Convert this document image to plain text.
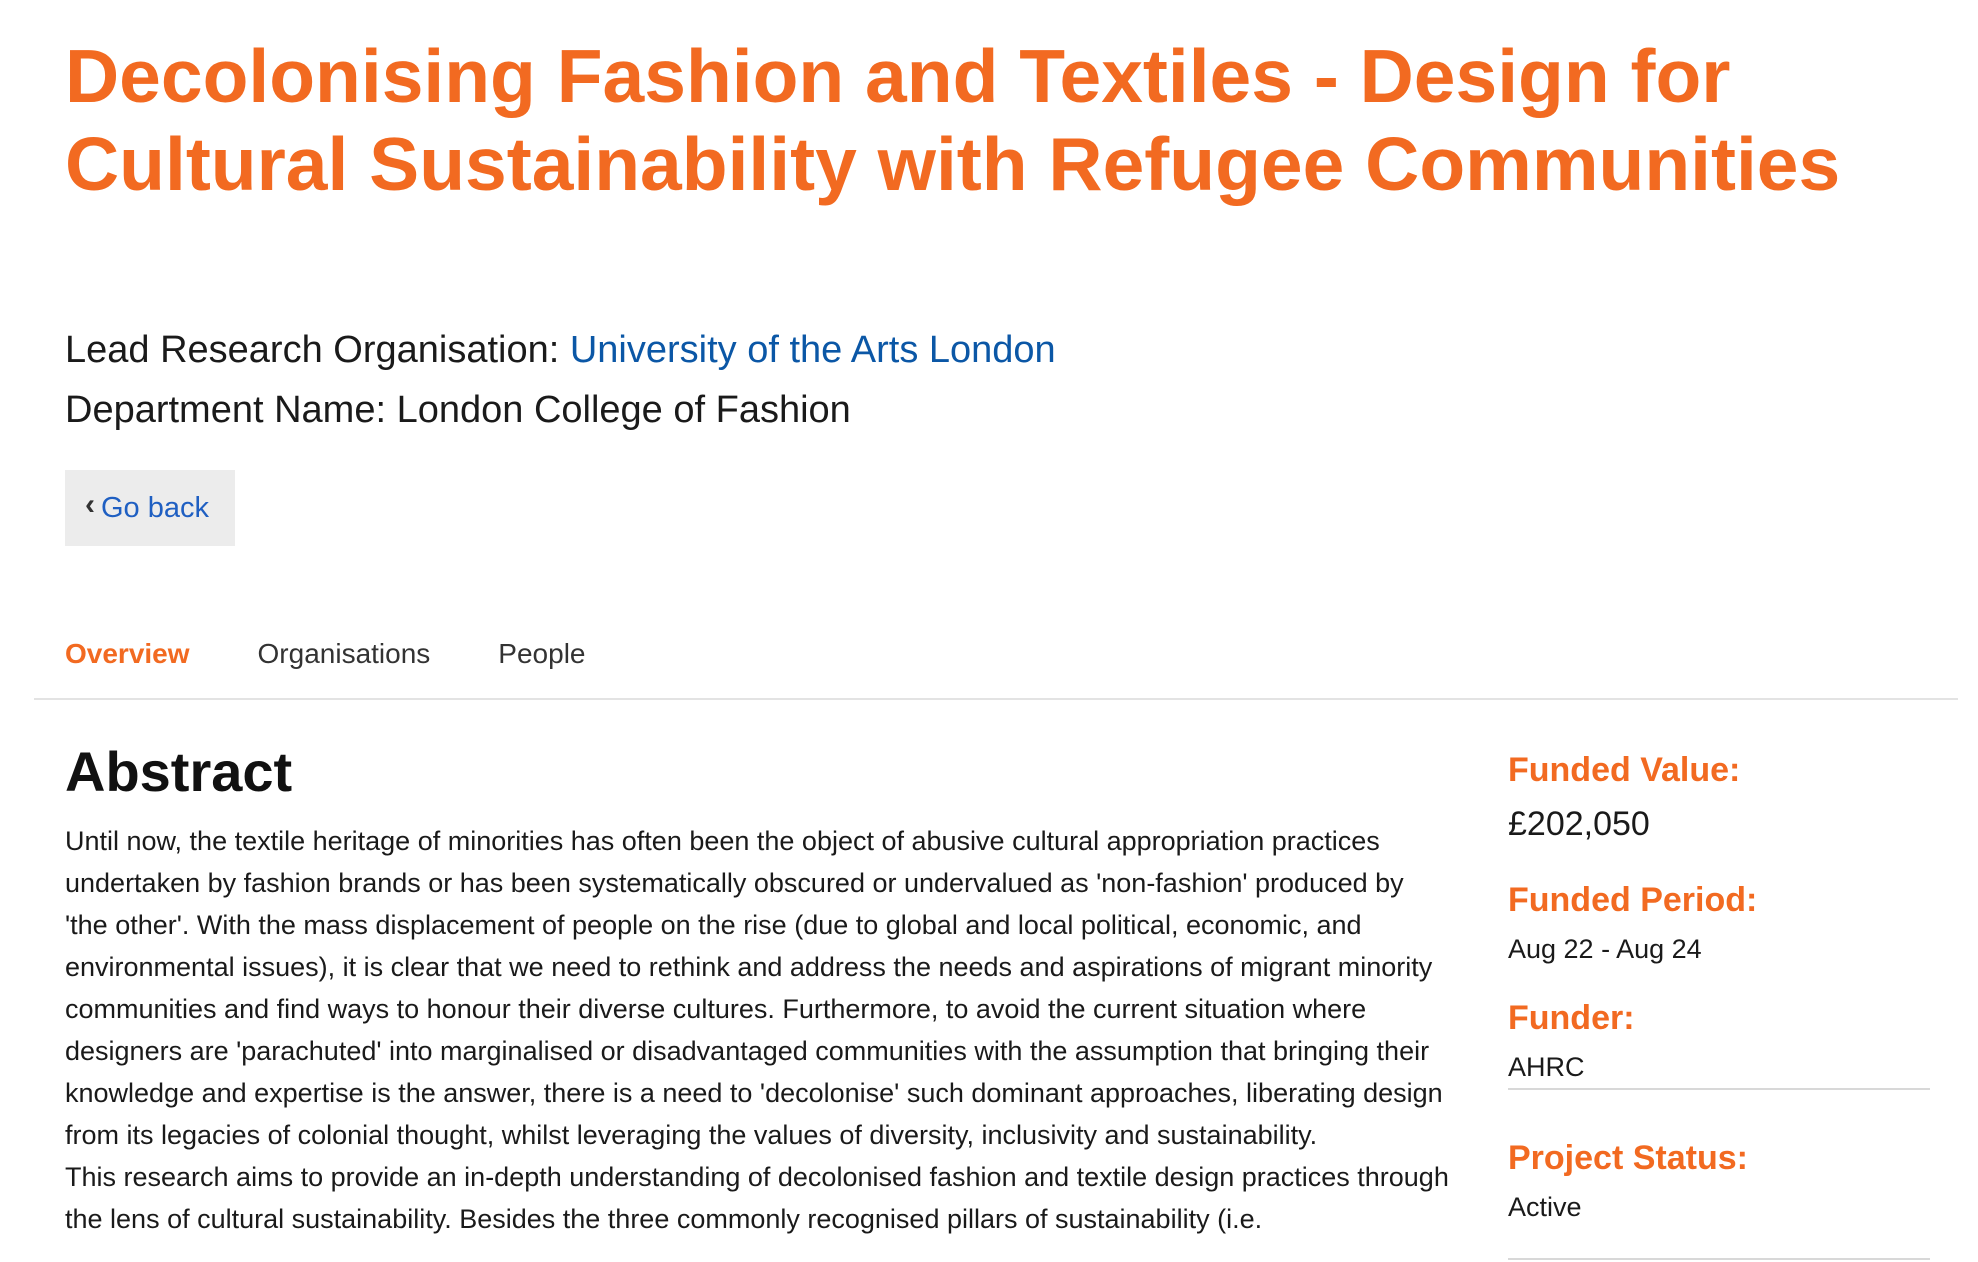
Decolonising Fashion and Textiles - Design for Cultural Sustainability with Refugee Communities
Lead Research Organisation: University of the Arts London
Department Name: London College of Fashion
‹ Go back
Overview Organisations People
Abstract

Until now, the textile heritage of minorities has often been the object of abusive cultural appropriation practices undertaken by fashion brands or has been systematically obscured or undervalued as 'non-fashion' produced by 'the other'. With the mass displacement of people on the rise (due to global and local political, economic, and environmental issues), it is clear that we need to rethink and address the needs and aspirations of migrant minority communities and find ways to honour their diverse cultures. Furthermore, to avoid the current situation where designers are 'parachuted' into marginalised or disadvantaged communities with the assumption that bringing their knowledge and expertise is the answer, there is a need to 'decolonise' such dominant approaches, liberating design from its legacies of colonial thought, whilst leveraging the values of diversity, inclusivity and sustainability.

This research aims to provide an in-depth understanding of decolonised fashion and textile design practices through the lens of cultural sustainability. Besides the three commonly recognised pillars of sustainability (i.e.

Funded Value:
£202,050
Funded Period:
Aug 22 - Aug 24
Funder:
AHRC
Project Status:
Active
